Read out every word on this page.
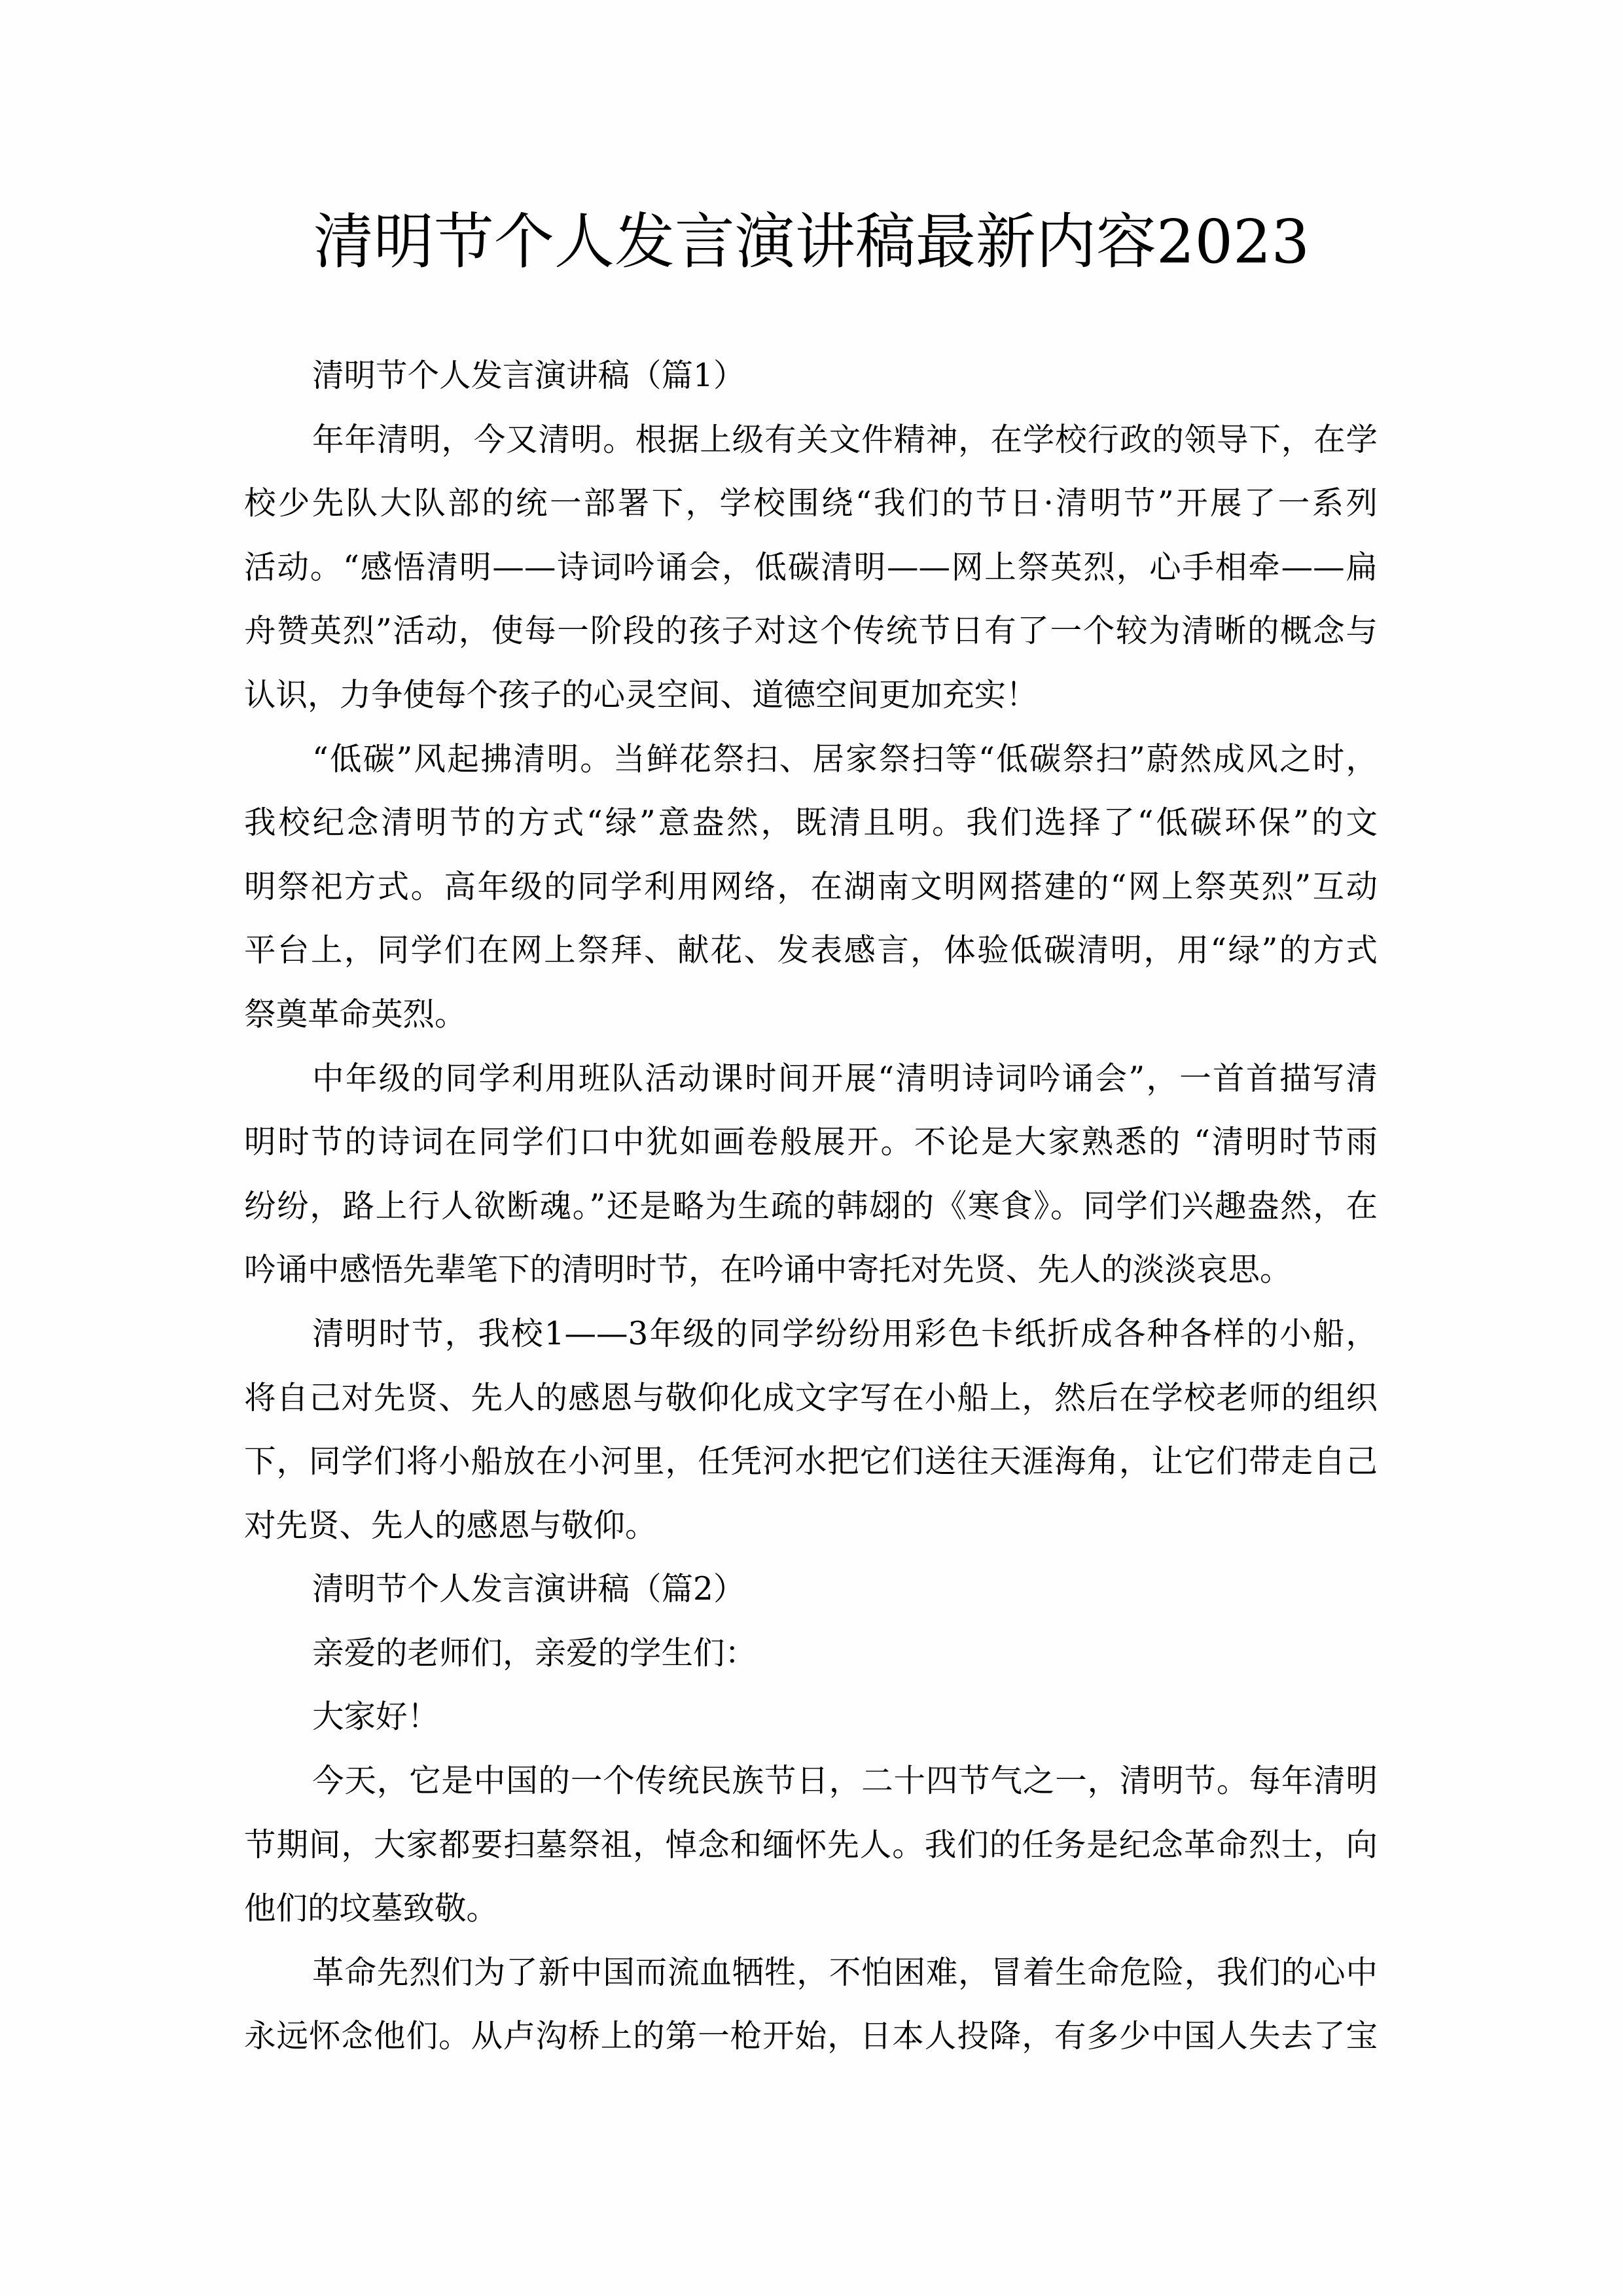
清明节个人发言演讲稿最新内容2023
清明节个人发言演讲稿（篇1）
年年清明，今又清明。根据上级有关文件精神，在学校行政的领导下，在学
校少先队大队部的统一部署下，学校围绕“我们的节日·清明节”开展了一系列
活动。“感悟清明——诗词吟诵会，低碳清明——网上祭英烈，心手相牵——扁
舟赞英烈”活动，使每一阶段的孩子对这个传统节日有了一个较为清晰的概念与
认识，力争使每个孩子的心灵空间、道德空间更加充实！
“低碳”风起拂清明。当鲜花祭扫、居家祭扫等“低碳祭扫”蔚然成风之时，
我校纪念清明节的方式“绿”意盎然，既清且明。我们选择了“低碳环保”的文
明祭祀方式。高年级的同学利用网络，在湖南文明网搭建的“网上祭英烈”互动
平台上，同学们在网上祭拜、献花、发表感言，体验低碳清明，用“绿”的方式
祭奠革命英烈。
中年级的同学利用班队活动课时间开展“清明诗词吟诵会”，一首首描写清
明时节的诗词在同学们口中犹如画卷般展开。不论是大家熟悉的 “清明时节雨
纷纷，路上行人欲断魂。”还是略为生疏的韩翃的《寒食》。同学们兴趣盎然，在
吟诵中感悟先辈笔下的清明时节，在吟诵中寄托对先贤、先人的淡淡哀思。
清明时节，我校1——3年级的同学纷纷用彩色卡纸折成各种各样的小船，
将自己对先贤、先人的感恩与敬仰化成文字写在小船上，然后在学校老师的组织
下，同学们将小船放在小河里，任凭河水把它们送往天涯海角，让它们带走自己
对先贤、先人的感恩与敬仰。
清明节个人发言演讲稿（篇2）
亲爱的老师们，亲爱的学生们：
大家好！
今天，它是中国的一个传统民族节日，二十四节气之一，清明节。每年清明
节期间，大家都要扫墓祭祖，悼念和缅怀先人。我们的任务是纪念革命烈士，向
他们的坟墓致敬。
革命先烈们为了新中国而流血牺牲，不怕困难，冒着生命危险，我们的心中
永远怀念他们。从卢沟桥上的第一枪开始，日本人投降，有多少中国人失去了宝
